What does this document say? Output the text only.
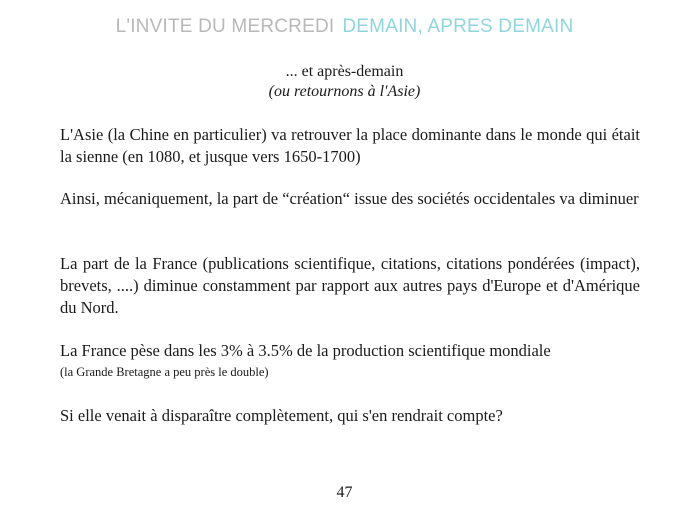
L'INVITE DU MERCREDI DEMAIN, APRES DEMAIN
... et après-demain
(ou retournons à l'Asie)
L'Asie (la Chine en particulier) va retrouver la place dominante dans le monde qui était la sienne (en 1080, et jusque vers 1650-1700)
Ainsi, mécaniquement, la part de “création“ issue des sociétés occidentales va diminuer
La part de la France (publications scientifique, citations, citations pondérées (impact), brevets, ....) diminue constamment par rapport aux autres pays d'Europe et d'Amérique du Nord.
La France pèse dans les 3% à 3.5% de la production scientifique mondiale
(la Grande Bretagne a peu près le double)
Si elle venait à disparaître complètement, qui s'en rendrait compte?
47
